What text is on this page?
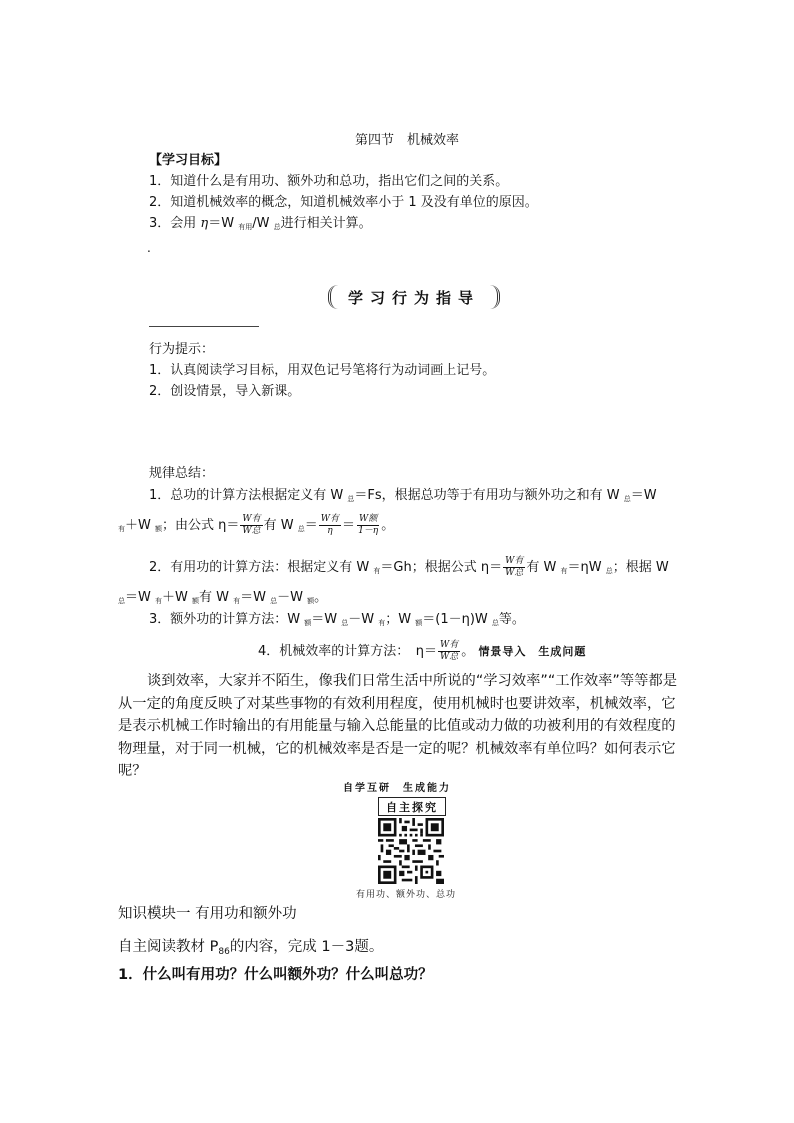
第四节　机械效率
【学习目标】
1．知道什么是有用功、额外功和总功，指出它们之间的关系。
2．知道机械效率的概念，知道机械效率小于 1 及没有单位的原因。
3．会用 η＝W $_{有用}$/W $_总$进行相关计算。
.
学习行为指导
行为提示：
1．认真阅读学习目标，用双色记号笔将行为动词画上记号。
2．创设情景，导入新课。
规律总结：
1．总功的计算方法根据定义有 W $_总$＝Fs，根据总功等于有用功与额外功之和有 W $_总$＝W
$_有$＋W $_额$；由公式 $\eta= \frac{\text{W有}}{\text{W总}}$ 有 W $_总= \frac{\text{W有}}{\eta} = \frac{\text{W额}}{1-\eta}$ 。
2．有用功的计算方法：根据定义有 W $_有$＝Gh；根据公式 $\eta= \frac{\text{W有}}{\text{W总}}$ 有 W $_有$＝ηW $_总$；根据 W
$_总$＝W $_有$＋W $_额$有 W $_有$＝W $_总$－W $_额$。
3．额外功的计算方法：W $_额$＝W $_总$－W $_有$；W $_额$＝(1－η)W $_总$等。
4．机械效率的计算方法：　$\eta= \frac{\text{W有}}{\text{W总}}$ 。 情景导入　生成问题
谈到效率，大家并不陌生，像我们日常生活中所说的“学习效率”“工作效率”等等都是从一定的角度反映了对某些事物的有效利用程度，使用机械时也要讲效率，机械效率，它是表示机械工作时输出的有用能量与输入总能量的比值或动力做的功被利用的有效程度的物理量，对于同一机械，它的机械效率是否是一定的呢？机械效率有单位吗？如何表示它呢？
自学互研　生成能力
自主探究
有用功、额外功、总功
知识模块一 有用功和额外功
自主阅读教材 $P_{86}$的内容，完成 1－3题。
1．什么叫有用功？什么叫额外功？什么叫总功？
